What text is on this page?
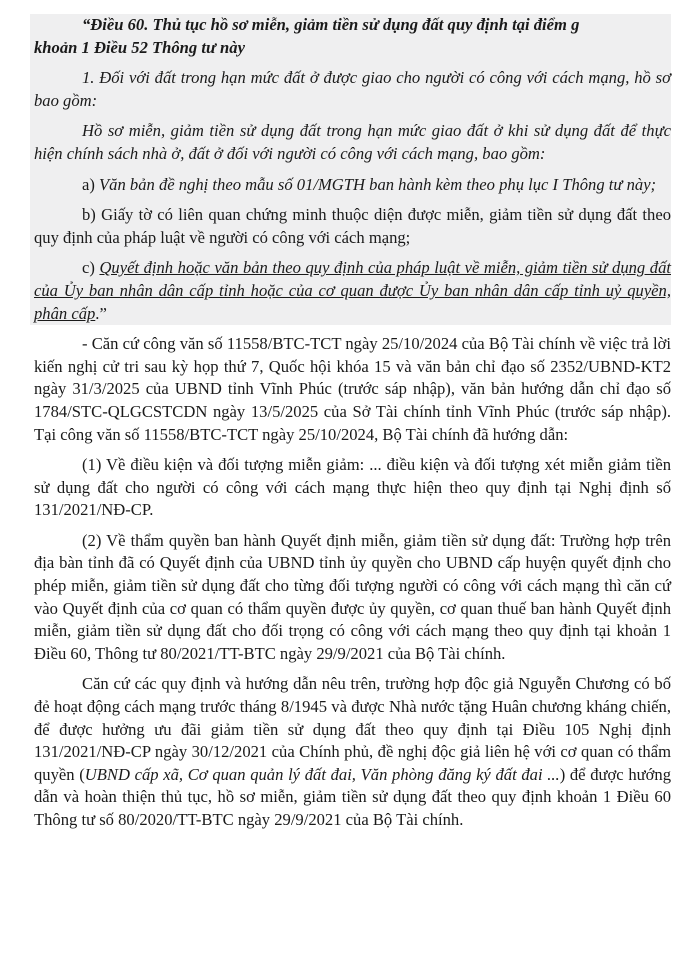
“Điều 60. Thủ tục hồ sơ miễn, giảm tiền sử dụng đất quy định tại điểm g
khoản 1 Điều 52 Thông tư này

1. Đối với đất trong hạn mức đất ở được giao cho người có công với cách mạng, hồ sơ bao gồm:

Hồ sơ miễn, giảm tiền sử dụng đất trong hạn mức giao đất ở khi sử dụng đất để thực hiện chính sách nhà ở, đất ở đối với người có công với cách mạng, bao gồm:

a) Văn bản đề nghị theo mẫu số 01/MGTH ban hành kèm theo phụ lục I Thông tư này;

b) Giấy tờ có liên quan chứng minh thuộc diện được miễn, giảm tiền sử dụng đất theo quy định của pháp luật về người có công với cách mạng;

c) Quyết định hoặc văn bản theo quy định của pháp luật về miễn, giảm tiền sử dụng đất của Ủy ban nhân dân cấp tỉnh hoặc của cơ quan được Ủy ban nhân dân cấp tỉnh uỷ quyền, phân cấp.”

- Căn cứ công văn số 11558/BTC-TCT ngày 25/10/2024 của Bộ Tài chính về việc trả lời kiến nghị cử tri sau kỳ họp thứ 7, Quốc hội khóa 15 và văn bản chỉ đạo số 2352/UBND-KT2 ngày 31/3/2025 của UBND tỉnh Vĩnh Phúc (trước sáp nhập), văn bản hướng dẫn chỉ đạo số 1784/STC-QLGCSTCDN ngày 13/5/2025 của Sở Tài chính tỉnh Vĩnh Phúc (trước sáp nhập). Tại công văn số 11558/BTC-TCT ngày 25/10/2024, Bộ Tài chính đã hướng dẫn:

(1) Về điều kiện và đối tượng miễn giảm: ... điều kiện và đối tượng xét miễn giảm tiền sử dụng đất cho người có công với cách mạng thực hiện theo quy định tại Nghị định số 131/2021/NĐ-CP.

(2) Về thẩm quyền ban hành Quyết định miễn, giảm tiền sử dụng đất: Trường hợp trên địa bàn tỉnh đã có Quyết định của UBND tỉnh ủy quyền cho UBND cấp huyện quyết định cho phép miễn, giảm tiền sử dụng đất cho từng đối tượng người có công với cách mạng thì căn cứ vào Quyết định của cơ quan có thẩm quyền được ủy quyền, cơ quan thuế ban hành Quyết định miễn, giảm tiền sử dụng đất cho đối trọng có công với cách mạng theo quy định tại khoản 1 Điều 60, Thông tư 80/2021/TT-BTC ngày 29/9/2021 của Bộ Tài chính.

Căn cứ các quy định và hướng dẫn nêu trên, trường hợp độc giả Nguyễn Chương có bố đẻ hoạt động cách mạng trước tháng 8/1945 và được Nhà nước tặng Huân chương kháng chiến, để được hưởng ưu đãi giảm tiền sử dụng đất theo quy định tại Điều 105 Nghị định 131/2021/NĐ-CP ngày 30/12/2021 của Chính phủ, đề nghị độc giả liên hệ với cơ quan có thẩm quyền (UBND cấp xã, Cơ quan quản lý đất đai, Văn phòng đăng ký đất đai ...) để được hướng dẫn và hoàn thiện thủ tục, hồ sơ miễn, giảm tiền sử dụng đất theo quy định khoản 1 Điều 60 Thông tư số 80/2020/TT-BTC ngày 29/9/2021 của Bộ Tài chính.
